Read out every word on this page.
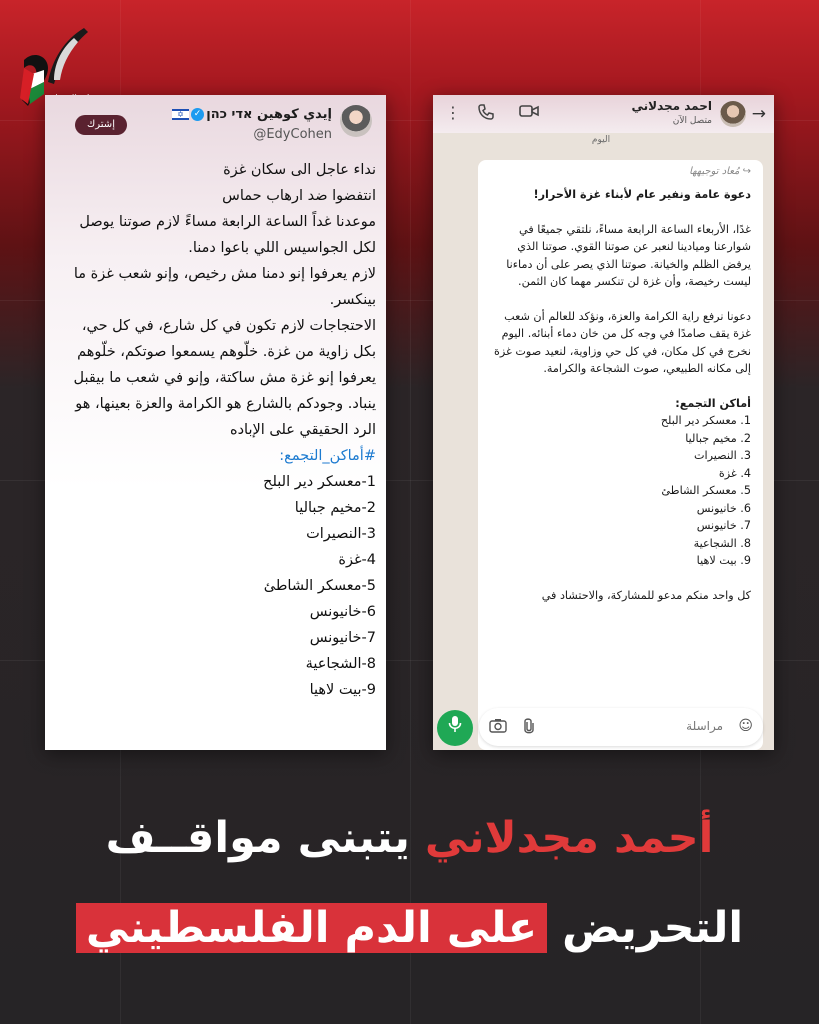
إيدي كوهين אדי כהן
✓
✡
@EdyCohen
إشترك

نداء عاجل الى سكان غزة

انتفضوا ضد ارهاب حماس

موعدنا غداً الساعة الرابعة مساءً لازم صوتنا يوصل لكل الجواسيس اللي باعوا دمنا.

لازم يعرفوا إنو دمنا مش رخيص، وإنو شعب غزة ما بينكسر.

الاحتجاجات لازم تكون في كل شارع، في كل حي، بكل زاوية من غزة. خلّوهم يسمعوا صوتكم، خلّوهم يعرفوا إنو غزة مش ساكتة، وإنو في شعب ما بيقبل ينباد. وجودكم بالشارع هو الكرامة والعزة بعينها، هو الرد الحقيقي على الإباده

#أماكن_التجمع:

1-معسكر دير البلح

2-مخيم جباليا

3-النصيرات

4-غزة

5-معسكر الشاطئ

6-خانيونس

7-خانيونس

8-الشجاعية

9-بيت لاهيا

→
احمد مجدلاني
متصل الآن
⋮
اليوم
↪ مُعاد توجيهها

دعوة عامة ونفير عام لأبناء غزة الأحرار!

غدًا، الأربعاء الساعة الرابعة مساءً، نلتقي جميعًا في شوارعنا وميادينا لنعبر عن صوتنا القوي. صوتنا الذي يرفض الظلم والخيانة. صوتنا الذي يصر على أن دماءنا ليست رخيصة، وأن غزة لن تنكسر مهما كان الثمن.

دعونا نرفع راية الكرامة والعزة، ونؤكد للعالم أن شعب غزة يقف صامدًا في وجه كل من خان دماء أبنائه. اليوم نخرج في كل مكان، في كل حي وزاوية، لنعيد صوت غزة إلى مكانه الطبيعي، صوت الشجاعة والكرامة.

أماكن التجمع:

1. معسكر دير البلح

2. مخيم جباليا

3. النصيرات

4. غزة

5. معسكر الشاطئ

6. خانيونس

7. خانيونس

8. الشجاعية

9. بيت لاهيا

كل واحد منكم مدعو للمشاركة، والاحتشاد في

☺
مراسلة
أحمد مجدلاني يتبنى مواقــف
التحريض على الدم الفلسطيني
